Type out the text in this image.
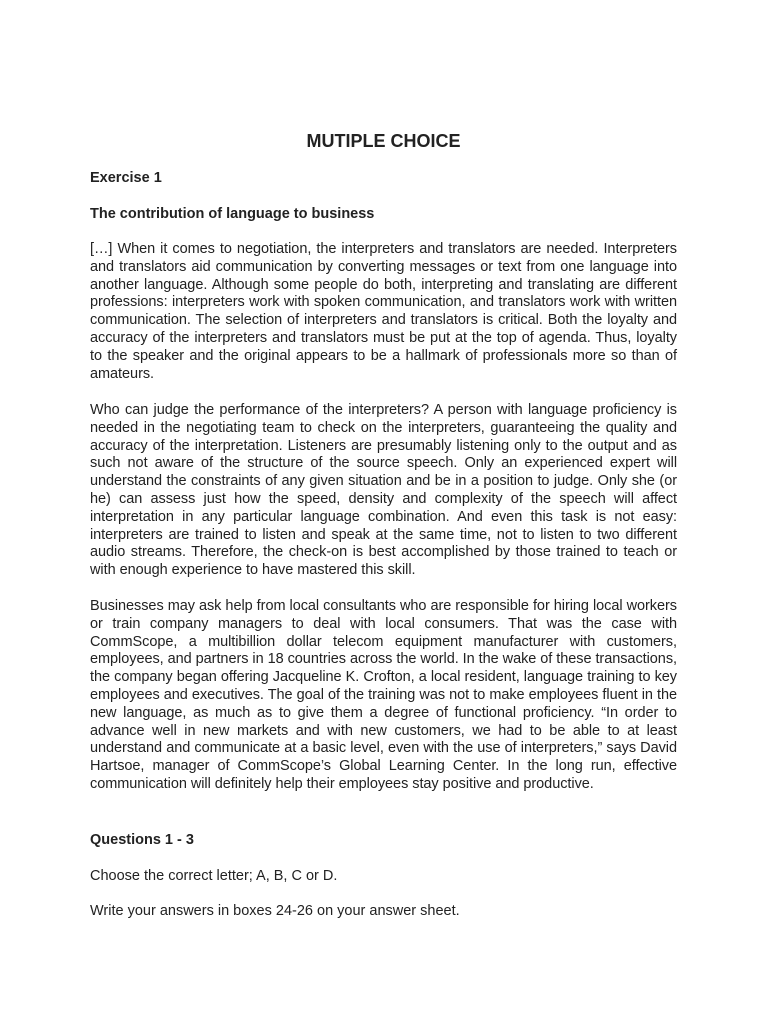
MUTIPLE CHOICE

Exercise 1

The contribution of language to business

[…] When it comes to negotiation, the interpreters and translators are needed. Interpreters and translators aid communication by converting messages or text from one language into another language. Although some people do both, interpreting and translating are different professions: interpreters work with spoken communication, and translators work with written communication. The selection of interpreters and translators is critical. Both the loyalty and accuracy of the interpreters and translators must be put at the top of agenda. Thus, loyalty to the speaker and the original appears to be a hallmark of professionals more so than of amateurs.

Who can judge the performance of the interpreters? A person with language proficiency is needed in the negotiating team to check on the interpreters, guaranteeing the quality and accuracy of the interpretation. Listeners are presumably listening only to the output and as such not aware of the structure of the source speech. Only an experienced expert will understand the constraints of any given situation and be in a position to judge. Only she (or he) can assess just how the speed, density and complexity of the speech will affect interpretation in any particular language combination. And even this task is not easy: interpreters are trained to listen and speak at the same time, not to listen to two different audio streams. Therefore, the check-on is best accomplished by those trained to teach or with enough experience to have mastered this skill.

Businesses may ask help from local consultants who are responsible for hiring local workers or train company managers to deal with local consumers. That was the case with CommScope, a multibillion dollar telecom equipment manufacturer with customers, employees, and partners in 18 countries across the world. In the wake of these transactions, the company began offering Jacqueline K. Crofton, a local resident, language training to key employees and executives. The goal of the training was not to make employees fluent in the new language, as much as to give them a degree of functional proficiency. “In order to advance well in new markets and with new customers, we had to be able to at least understand and communicate at a basic level, even with the use of interpreters,” says David Hartsoe, manager of CommScope’s Global Learning Center. In the long run, effective communication will definitely help their employees stay positive and productive.

Questions 1 - 3

Choose the correct letter; A, B, C or D.

Write your answers in boxes 24-26 on your answer sheet.
